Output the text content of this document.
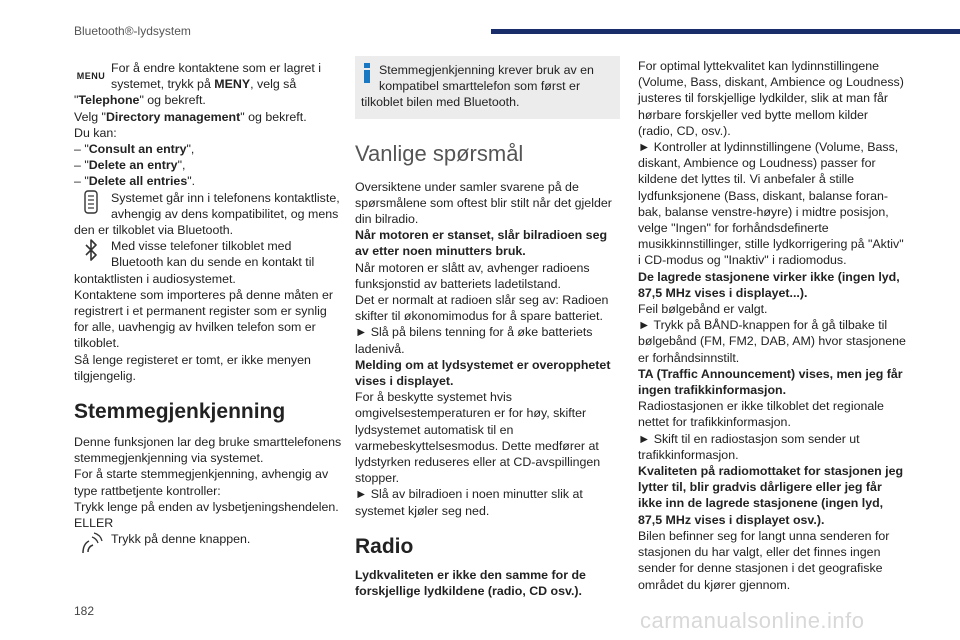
Bluetooth®-lydsystem
MENU

For å endre kontaktene som er lagret i systemet, trykk på MENY, velg så

"Telephone" og bekreft.

Velg "Directory management" og bekreft.

Du kan:

– "Consult an entry",

– "Delete an entry",

– "Delete all entries".

Systemet går inn i telefonens kontaktliste, avhengig av dens kompatibilitet, og mens den er tilkoblet via Bluetooth.

Med visse telefoner tilkoblet med Bluetooth kan du sende en kontakt til kontaktlisten i audiosystemet.

Kontaktene som importeres på denne måten er registrert i et permanent register som er synlig for alle, uavhengig av hvilken telefon som er tilkoblet.

Så lenge registeret er tomt, er ikke menyen tilgjengelig.

Stemmegjenkjenning

Denne funksjonen lar deg bruke smarttelefonens stemmegjenkjenning via systemet.

For å starte stemmegjenkjenning, avhengig av type rattbetjente kontroller:

Trykk lenge på enden av lysbetjeningshendelen.

ELLER

Trykk på denne knappen.

Stemmegjenkjenning krever bruk av en kompatibel smarttelefon som først er tilkoblet bilen med Bluetooth.
Vanlige spørsmål

Oversiktene under samler svarene på de spørsmålene som oftest blir stilt når det gjelder din bilradio.

Når motoren er stanset, slår bilradioen seg av etter noen minutters bruk.

Når motoren er slått av, avhenger radioens funksjonstid av batteriets ladetilstand.

Det er normalt at radioen slår seg av: Radioen skifter til økonomimodus for å spare batteriet.

► Slå på bilens tenning for å øke batteriets ladenivå.

Melding om at lydsystemet er overopphetet vises i displayet.

For å beskytte systemet hvis omgivelsestemperaturen er for høy, skifter lydsystemet automatisk til en varmebeskyttelsesmodus. Dette medfører at lydstyrken reduseres eller at CD-avspillingen stopper.

► Slå av bilradioen i noen minutter slik at systemet kjøler seg ned.

Radio

Lydkvaliteten er ikke den samme for de forskjellige lydkildene (radio, CD osv.).

For optimal lyttekvalitet kan lydinnstillingene (Volume, Bass, diskant, Ambience og Loudness) justeres til forskjellige lydkilder, slik at man får hørbare forskjeller ved bytte mellom kilder (radio, CD, osv.).

► Kontroller at lydinnstillingene (Volume, Bass, diskant, Ambience og Loudness) passer for kildene det lyttes til. Vi anbefaler å stille lydfunksjonene (Bass, diskant, balanse foran-bak, balanse venstre-høyre) i midtre posisjon, velge "Ingen" for forhåndsdefinerte musikkinnstillinger, stille lydkorrigering på "Aktiv" i CD-modus og "Inaktiv" i radiomodus.

De lagrede stasjonene virker ikke (ingen lyd, 87,5 MHz vises i displayet...).

Feil bølgebånd er valgt.

► Trykk på BÅND-knappen for å gå tilbake til bølgebånd (FM, FM2, DAB, AM) hvor stasjonene er forhåndsinnstilt.

TA (Traffic Announcement) vises, men jeg får ingen trafikkinformasjon.

Radiostasjonen er ikke tilkoblet det regionale nettet for trafikkinformasjon.

► Skift til en radiostasjon som sender ut trafikkinformasjon.

Kvaliteten på radiomottaket for stasjonen jeg lytter til, blir gradvis dårligere eller jeg får ikke inn de lagrede stasjonene (ingen lyd, 87,5 MHz vises i displayet osv.).

Bilen befinner seg for langt unna senderen for stasjonen du har valgt, eller det finnes ingen sender for denne stasjonen i det geografiske området du kjører gjennom.

182	carmanualsonline.info
